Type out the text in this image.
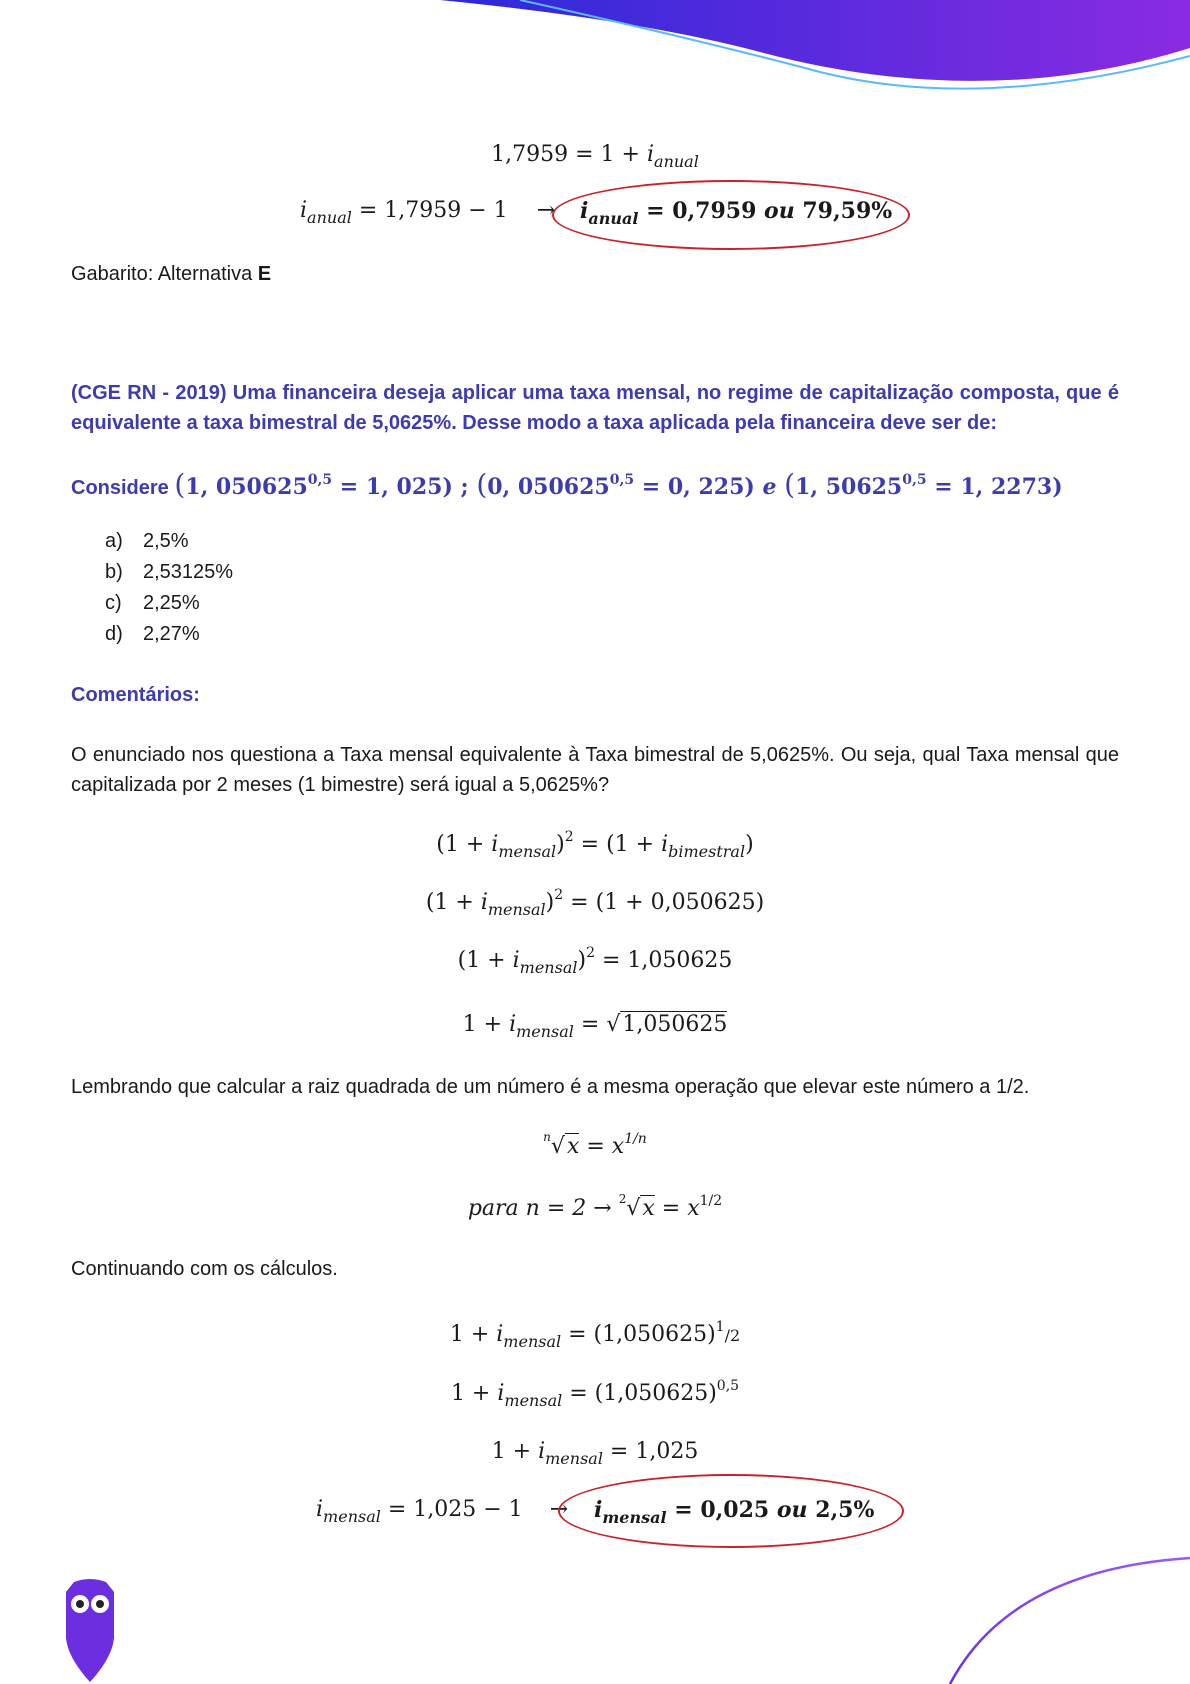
$1,7959 = 1 + i_{anual}$
$i_{anual} = 1,7959 - 1 \to i_{anual} = 0,7959$ ou 79,59%
Gabarito: Alternativa E
(CGE RN - 2019) Uma financeira deseja aplicar uma taxa mensal, no regime de capitalização composta, que é equivalente a taxa bimestral de 5,0625%. Desse modo a taxa aplicada pela financeira deve ser de:
Considere (1, $050625^{0,5} = 1$, 025) ; (0, $050625^{0,5} = 0$, 225) e (1, $50625^{0,5} = 1$, 2273)
a) 2,5%
b) 2,53125%
c) 2,25%
d) 2,27%
Comentários:
O enunciado nos questiona a Taxa mensal equivalente à Taxa bimestral de 5,0625%. Ou seja, qual Taxa mensal que capitalizada por 2 meses (1 bimestre) será igual a 5,0625%?
$(1 + i_{mensal})^2 = (1 + i_{bimestral})$
$(1 + i_{mensal})^2 = (1 + 0,050625)$
$(1 + i_{mensal})^2 = 1,050625$
$1 + i_{mensal} = √1,050625$
Lembrando que calcular a raiz quadrada de um número é a mesma operação que elevar este número a 1/2.
$^n√x = x^{1/n}$
para $n = 2 \to ^2√x = x^{1/2}$
Continuando com os cálculos.
$1 + i_{mensal} = (1,050625)^1/2$
$1 + i_{mensal} = (1,050625)^{0,5}$
$1 + i_{mensal} = 1,025$
$i_{mensal} = 1,025 - 1 \to i_{mensal} = 0,025$ ou 2,5%
